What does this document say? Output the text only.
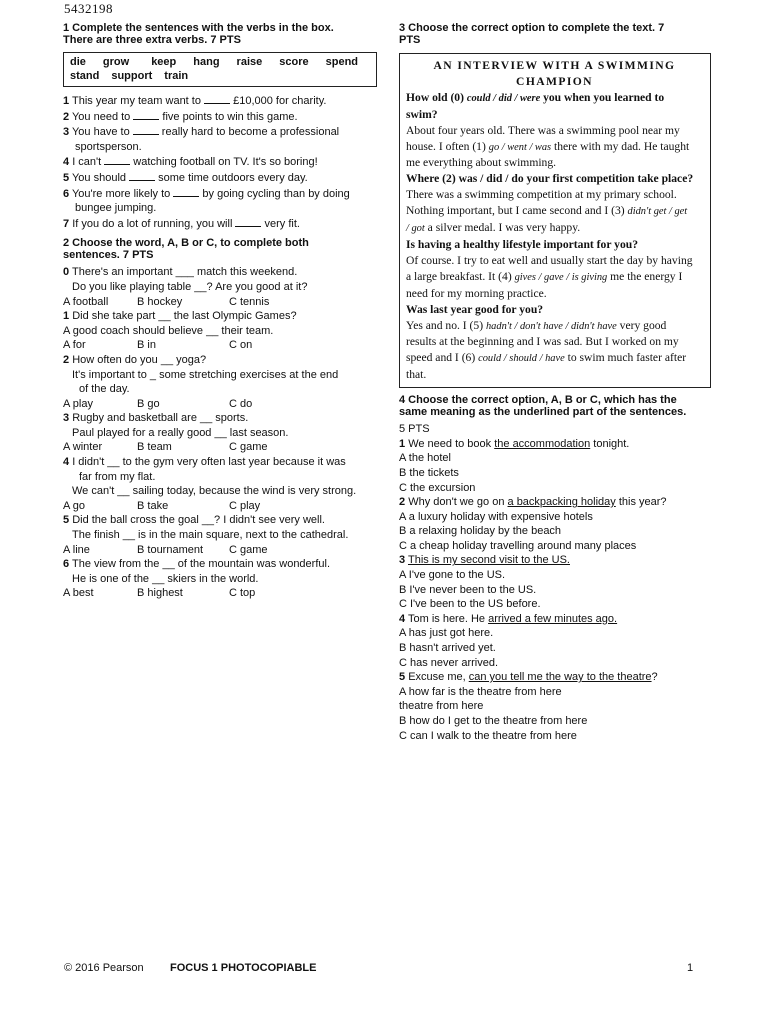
5432198
1 Complete the sentences with the verbs in the box.
There are three extra verbs. 7 PTS
die grow keep hang raise score spend
stand support train
1 This year my team want to  £10,000 for charity.
2 You need to  five points to win this game.
3 You have to  really hard to become a professional
sportsperson.
4 I can't  watching football on TV. It's so boring!
5 You should  some time outdoors every day.
6 You're more likely to  by going cycling than by doing
bungee jumping.
7 If you do a lot of running, you will  very fit.
2 Choose the word, A, B or C, to complete both
sentences. 7 PTS
0 There's an important ___ match this weekend.
Do you like playing table __? Are you good at it?
A football	B hockey	C tennis
1 Did she take part __ the last Olympic Games?
A good coach should believe __ their team.
A for	B in	C on
2 How often do you __ yoga?
It's important to _ some stretching exercises at the end
of the day.
A play	B go	C do
3 Rugby and basketball are __ sports.
Paul played for a really good __ last season.
A winter	B team	C game
4 I didn't __ to the gym very often last year because it was
far from my flat.
We can't __ sailing today, because the wind is very strong.
A go	B take	C play
5 Did the ball cross the goal __? I didn't see very well.
The finish __ is in the main square, next to the cathedral.
A line	B tournament	C game
6 The view from the __ of the mountain was wonderful.
He is one of the __ skiers in the world.
A best	B highest	C top
3 Choose the correct option to complete the text. 7
PTS
AN INTERVIEW WITH A SWIMMING
CHAMPION
How old (0) could / did / were you when you learned to
swim?
About four years old. There was a swimming pool near my
house. I often (1) go / went / was there with my dad. He taught
me everything about swimming.
Where (2) was / did / do your first competition take place?
There was a swimming competition at my primary school.
Nothing important, but I came second and I (3) didn't get / get
/ got a silver medal. I was very happy.
Is having a healthy lifestyle important for you?
Of course. I try to eat well and usually start the day by having
a large breakfast. It (4) gives / gave / is giving me the energy I
need for my morning practice.
Was last year good for you?
Yes and no. I (5) hadn't / don't have / didn't have very good
results at the beginning and I was sad. But I worked on my
speed and I (6) could / should / have to swim much faster after
that.
4 Choose the correct option, A, B or C, which has the
same meaning as the underlined part of the sentences.
5 PTS
1 We need to book the accommodation tonight.
A the hotel
B the tickets
C the excursion
2 Why don't we go on a backpacking holiday this year?
A a luxury holiday with expensive hotels
B a relaxing holiday by the beach
C a cheap holiday travelling around many places
3 This is my second visit to the US.
A I've gone to the US.
B I've never been to the US.
C I've been to the US before.
4 Tom is here. He arrived a few minutes ago.
A has just got here.
B hasn't arrived yet.
C has never arrived.
5 Excuse me, can you tell me the way to the theatre?
A how far is the theatre from here
theatre from here
B how do I get to the theatre from here
C can I walk to the theatre from here
© 2016 Pearson FOCUS 1 PHOTOCOPIABLE	1
